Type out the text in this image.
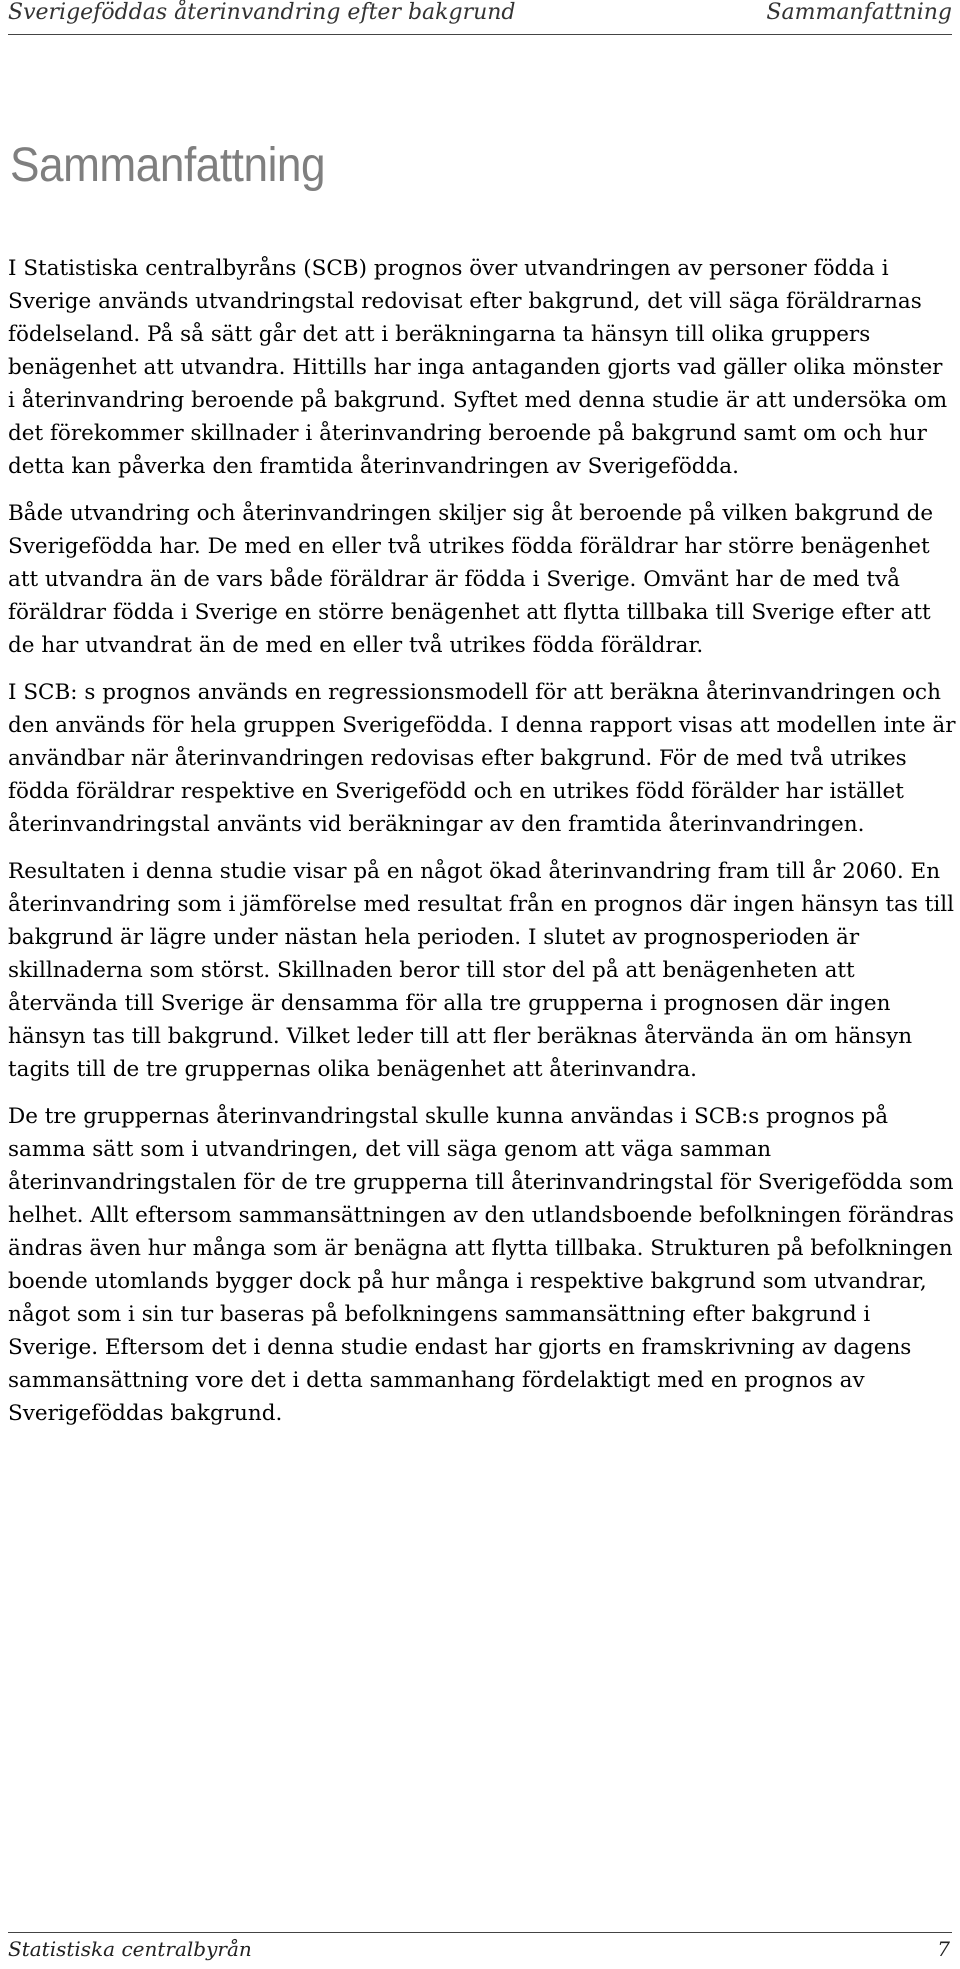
Sverigeföddas återinvandring efter bakgrund	Sammanfattning
Sammanfattning

I Statistiska centralbyråns (SCB) prognos över utvandringen av personer födda i Sverige används utvandringstal redovisat efter bakgrund, det vill säga föräldrarnas födelseland. På så sätt går det att i beräkningarna ta hänsyn till olika gruppers benägenhet att utvandra. Hittills har inga antaganden gjorts vad gäller olika mönster i återinvandring beroende på bakgrund. Syftet med denna studie är att undersöka om det förekommer skillnader i återinvandring beroende på bakgrund samt om och hur detta kan påverka den framtida återinvandringen av Sverigefödda.

Både utvandring och återinvandringen skiljer sig åt beroende på vilken bakgrund de Sverigefödda har. De med en eller två utrikes födda föräldrar har större benägenhet att utvandra än de vars både föräldrar är födda i Sverige. Omvänt har de med två föräldrar födda i Sverige en större benägenhet att flytta tillbaka till Sverige efter att de har utvandrat än de med en eller två utrikes födda föräldrar.

I SCB: s prognos används en regressionsmodell för att beräkna återinvandringen och den används för hela gruppen Sverigefödda. I denna rapport visas att modellen inte är användbar när återinvandringen redovisas efter bakgrund. För de med två utrikes födda föräldrar respektive en Sverigefödd och en utrikes född förälder har istället återinvandringstal använts vid beräkningar av den framtida återinvandringen.

Resultaten i denna studie visar på en något ökad återinvandring fram till år 2060. En återinvandring som i jämförelse med resultat från en prognos där ingen hänsyn tas till bakgrund är lägre under nästan hela perioden. I slutet av prognosperioden är skillnaderna som störst. Skillnaden beror till stor del på att benägenheten att återvända till Sverige är densamma för alla tre grupperna i prognosen där ingen hänsyn tas till bakgrund. Vilket leder till att fler beräknas återvända än om hänsyn tagits till de tre gruppernas olika benägenhet att återinvandra.

De tre gruppernas återinvandringstal skulle kunna användas i SCB:s prognos på samma sätt som i utvandringen, det vill säga genom att väga samman återinvandringstalen för de tre grupperna till återinvandringstal för Sverigefödda som helhet. Allt eftersom sammansättningen av den utlandsboende befolkningen förändras ändras även hur många som är benägna att flytta tillbaka. Strukturen på befolkningen boende utomlands bygger dock på hur många i respektive bakgrund som utvandrar, något som i sin tur baseras på befolkningens sammansättning efter bakgrund i Sverige. Eftersom det i denna studie endast har gjorts en framskrivning av dagens sammansättning vore det i detta sammanhang fördelaktigt med en prognos av Sverigeföddas bakgrund.

Statistiska centralbyrån	7
